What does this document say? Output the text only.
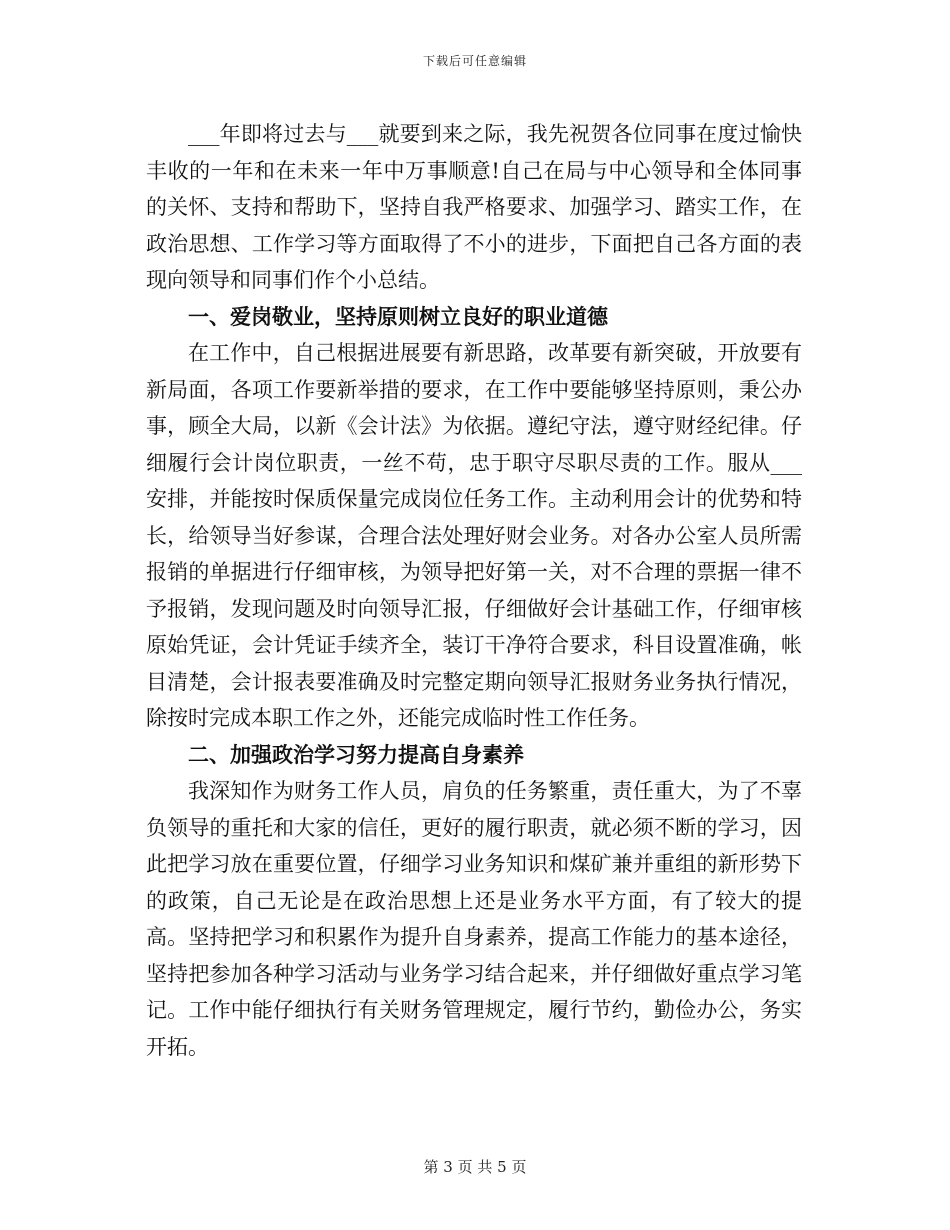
下载后可任意编辑

___年即将过去与___就要到来之际，我先祝贺各位同事在度过愉快丰收的一年和在未来一年中万事顺意!自己在局与中心领导和全体同事的关怀、支持和帮助下，坚持自我严格要求、加强学习、踏实工作，在政治思想、工作学习等方面取得了不小的进步，下面把自己各方面的表现向领导和同事们作个小总结。

一、爱岗敬业，坚持原则树立良好的职业道德

在工作中，自己根据进展要有新思路，改革要有新突破，开放要有新局面，各项工作要新举措的要求，在工作中要能够坚持原则，秉公办事，顾全大局，以新《会计法》为依据。遵纪守法，遵守财经纪律。仔细履行会计岗位职责，一丝不苟，忠于职守尽职尽责的工作。服从___安排，并能按时保质保量完成岗位任务工作。主动利用会计的优势和特长，给领导当好参谋，合理合法处理好财会业务。对各办公室人员所需报销的单据进行仔细审核，为领导把好第一关，对不合理的票据一律不予报销，发现问题及时向领导汇报，仔细做好会计基础工作，仔细审核原始凭证，会计凭证手续齐全，装订干净符合要求，科目设置准确，帐目清楚，会计报表要准确及时完整定期向领导汇报财务业务执行情况，除按时完成本职工作之外，还能完成临时性工作任务。

二、加强政治学习努力提高自身素养

我深知作为财务工作人员，肩负的任务繁重，责任重大，为了不辜负领导的重托和大家的信任，更好的履行职责，就必须不断的学习，因此把学习放在重要位置，仔细学习业务知识和煤矿兼并重组的新形势下的政策，自己无论是在政治思想上还是业务水平方面，有了较大的提高。坚持把学习和积累作为提升自身素养，提高工作能力的基本途径，坚持把参加各种学习活动与业务学习结合起来，并仔细做好重点学习笔记。工作中能仔细执行有关财务管理规定，履行节约，勤俭办公，务实开拓。

第 3 页 共 5 页
